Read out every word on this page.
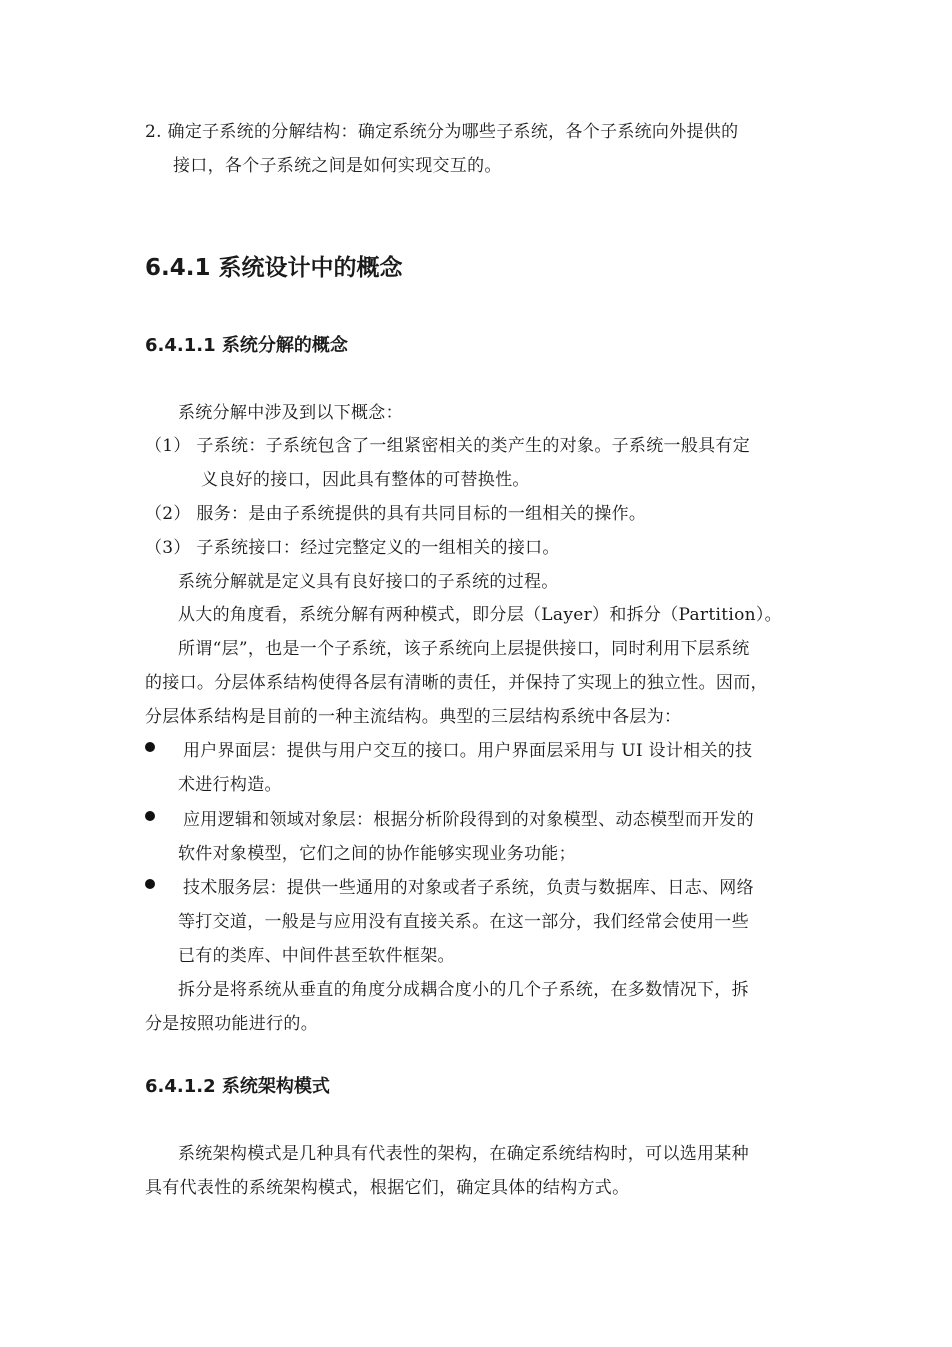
2. 确定子系统的分解结构：确定系统分为哪些子系统，各个子系统向外提供的
接口，各个子系统之间是如何实现交互的。
6.4.1 系统设计中的概念
6.4.1.1 系统分解的概念
系统分解中涉及到以下概念：
（1） 子系统：子系统包含了一组紧密相关的类产生的对象。子系统一般具有定
义良好的接口，因此具有整体的可替换性。
（2） 服务：是由子系统提供的具有共同目标的一组相关的操作。
（3） 子系统接口：经过完整定义的一组相关的接口。
系统分解就是定义具有良好接口的子系统的过程。
从大的角度看，系统分解有两种模式，即分层（Layer）和拆分（Partition）。
所谓“层”，也是一个子系统，该子系统向上层提供接口，同时利用下层系统
的接口。分层体系结构使得各层有清晰的责任，并保持了实现上的独立性。因而，
分层体系结构是目前的一种主流结构。典型的三层结构系统中各层为：
用户界面层：提供与用户交互的接口。用户界面层采用与 UI 设计相关的技
术进行构造。
应用逻辑和领域对象层：根据分析阶段得到的对象模型、动态模型而开发的
软件对象模型，它们之间的协作能够实现业务功能；
技术服务层：提供一些通用的对象或者子系统，负责与数据库、日志、网络
等打交道，一般是与应用没有直接关系。在这一部分，我们经常会使用一些
已有的类库、中间件甚至软件框架。
拆分是将系统从垂直的角度分成耦合度小的几个子系统，在多数情况下，拆
分是按照功能进行的。
6.4.1.2 系统架构模式
系统架构模式是几种具有代表性的架构，在确定系统结构时，可以选用某种
具有代表性的系统架构模式，根据它们，确定具体的结构方式。
